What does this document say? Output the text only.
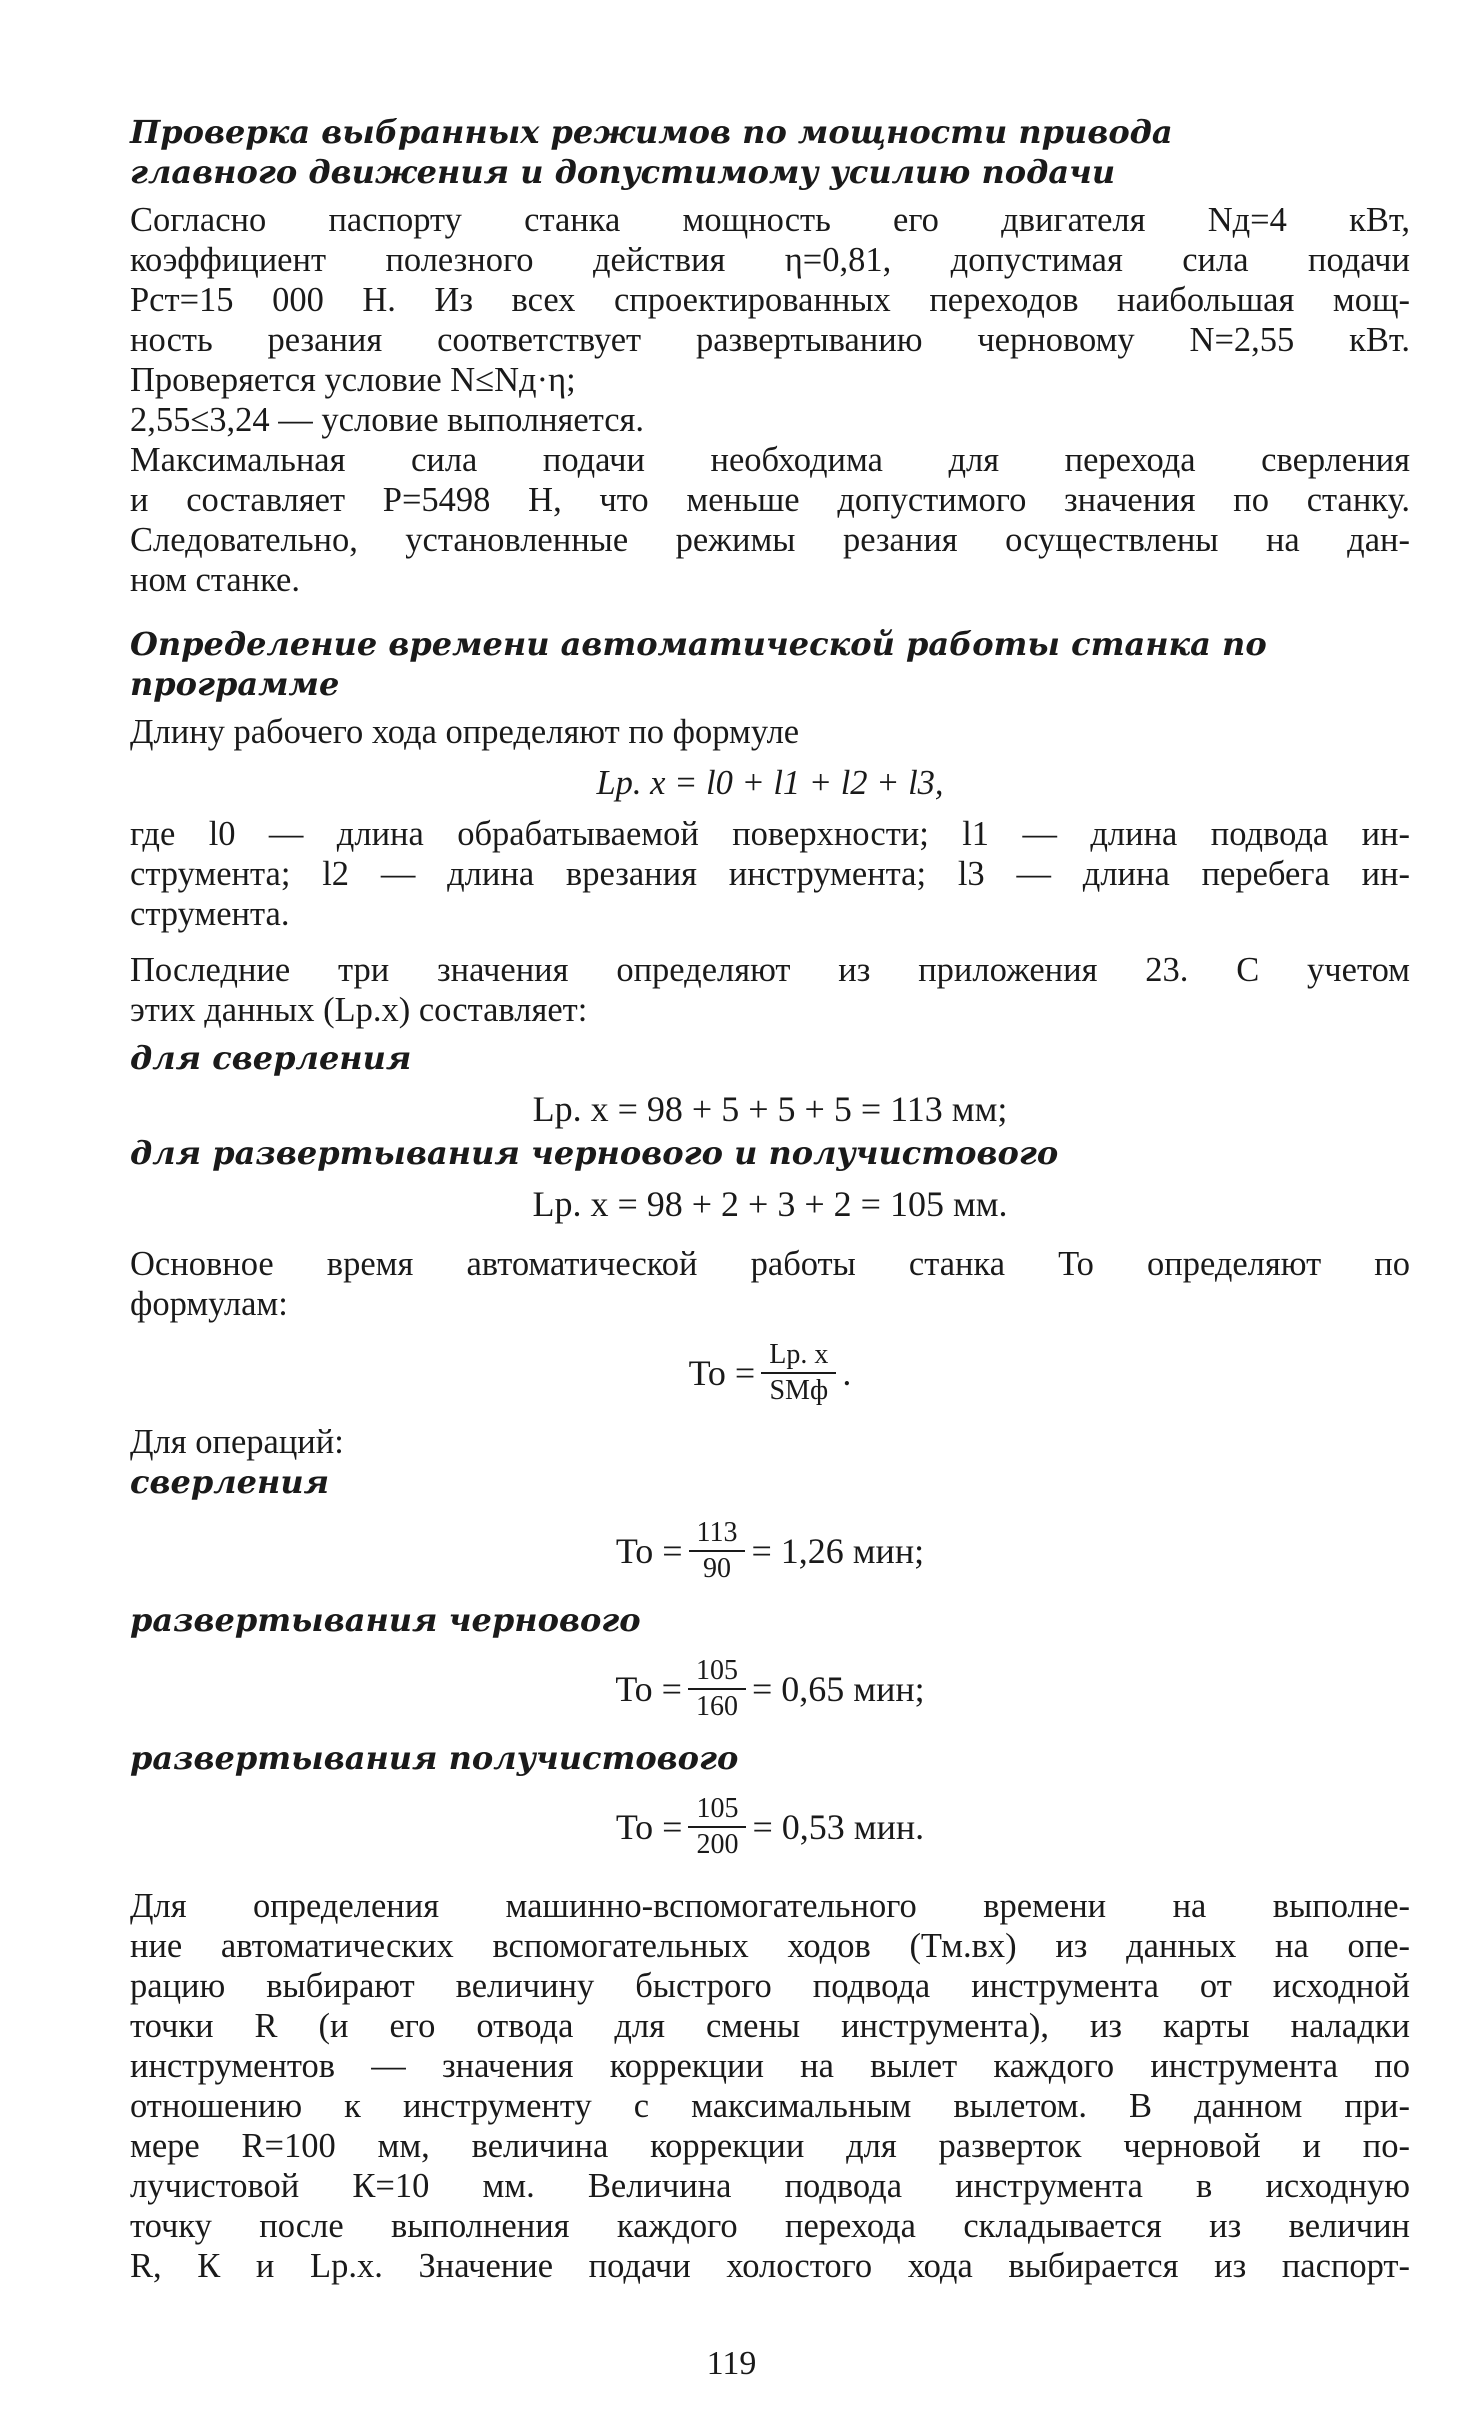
Проверка выбранных режимов по мощности привода
главного движения и допустимому усилию подачи

Согласно паспорту станка мощность его двигателя Nд=4 кВт,
коэффициент полезного действия η=0,81, допустимая сила подачи
Рст=15 000 Н. Из всех спроектированных переходов наибольшая мощ-
ность резания соответствует развертыванию черновому N=2,55 кВт.

Проверяется условие N≤Nд·η;
2,55≤3,24 — условие выполняется.

Максимальная сила подачи необходима для перехода сверления
и составляет Р=5498 Н, что меньше допустимого значения по станку.
Следовательно, установленные режимы резания осуществлены на дан-
ном станке.

Определение времени автоматической работы станка по программе

Длину рабочего хода определяют по формуле

Lр. х = l0 + l1 + l2 + l3,

где l0 — длина обрабатываемой поверхности; l1 — длина подвода ин-
струмента; l2 — длина врезания инструмента; l3 — длина перебега ин-
струмента.

Последние три значения определяют из приложения 23. С учетом
этих данных (Lр.х) составляет:

для сверления

Lр. х = 98 + 5 + 5 + 5 = 113 мм;

для развертывания чернового и получистового

Lр. х = 98 + 2 + 3 + 2 = 105 мм.

Основное время автоматической работы станка То определяют по
формулам:

То = $\frac{Lр. х}{\text{SМф}}$ .

Для операций:

сверления

То = $\frac{113}{90} = 1,26$ мин;

развертывания чернового

То = $\frac{105}{160} = 0,65$ мин;

развертывания получистового

То = $\frac{105}{200} = 0,53$ мин.

Для определения машинно-вспомогательного времени на выполне-
ние автоматических вспомогательных ходов (Тм.вх) из данных на опе-
рацию выбирают величину быстрого подвода инструмента от исходной
точки R (и его отвода для смены инструмента), из карты наладки
инструментов — значения коррекции на вылет каждого инструмента по
отношению к инструменту с максимальным вылетом. В данном при-
мере R=100 мм, величина коррекции для разверток черновой и по-
лучистовой К=10 мм. Величина подвода инструмента в исходную
точку после выполнения каждого перехода складывается из величин
R, К и Lр.х. Значение подачи холостого хода выбирается из паспорт-

119
